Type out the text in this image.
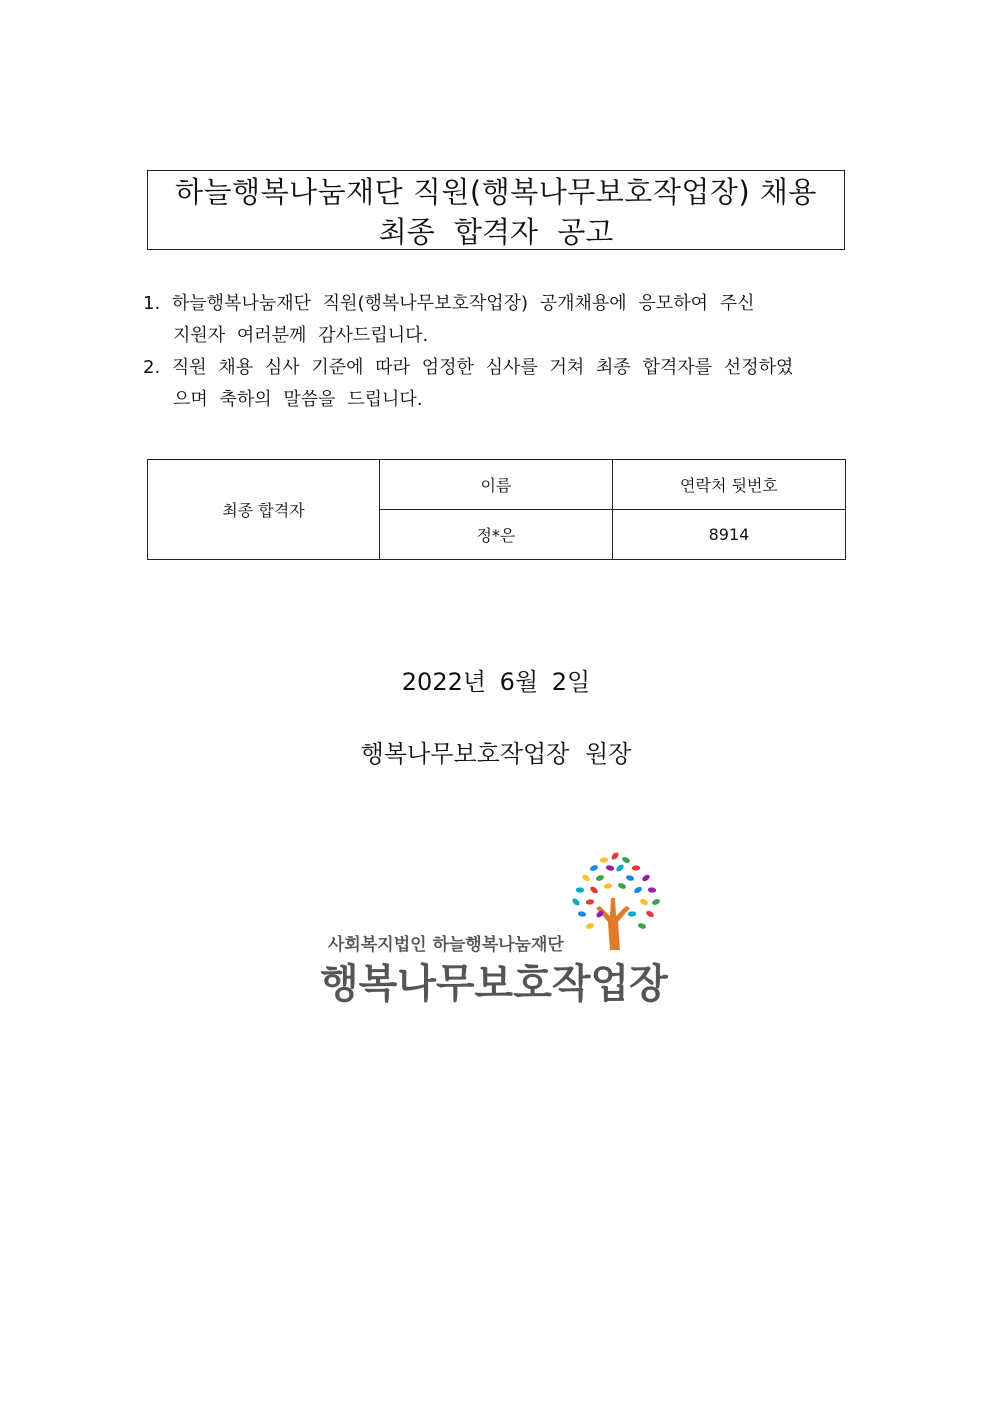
하늘행복나눔재단 직원(행복나무보호작업장) 채용
최종 합격자 공고
1. 하늘행복나눔재단 직원(행복나무보호작업장) 공개채용에 응모하여 주신
지원자 여러분께 감사드립니다.
2. 직원 채용 심사 기준에 따라 엄정한 심사를 거쳐 최종 합격자를 선정하였
으며 축하의 말씀을 드립니다.
최종 합격자	이름	연락처 뒷번호
	정*은	8914
2022년 6월 2일
행복나무보호작업장 원장
사회복지법인 하늘행복나눔재단
행복나무보호작업장
